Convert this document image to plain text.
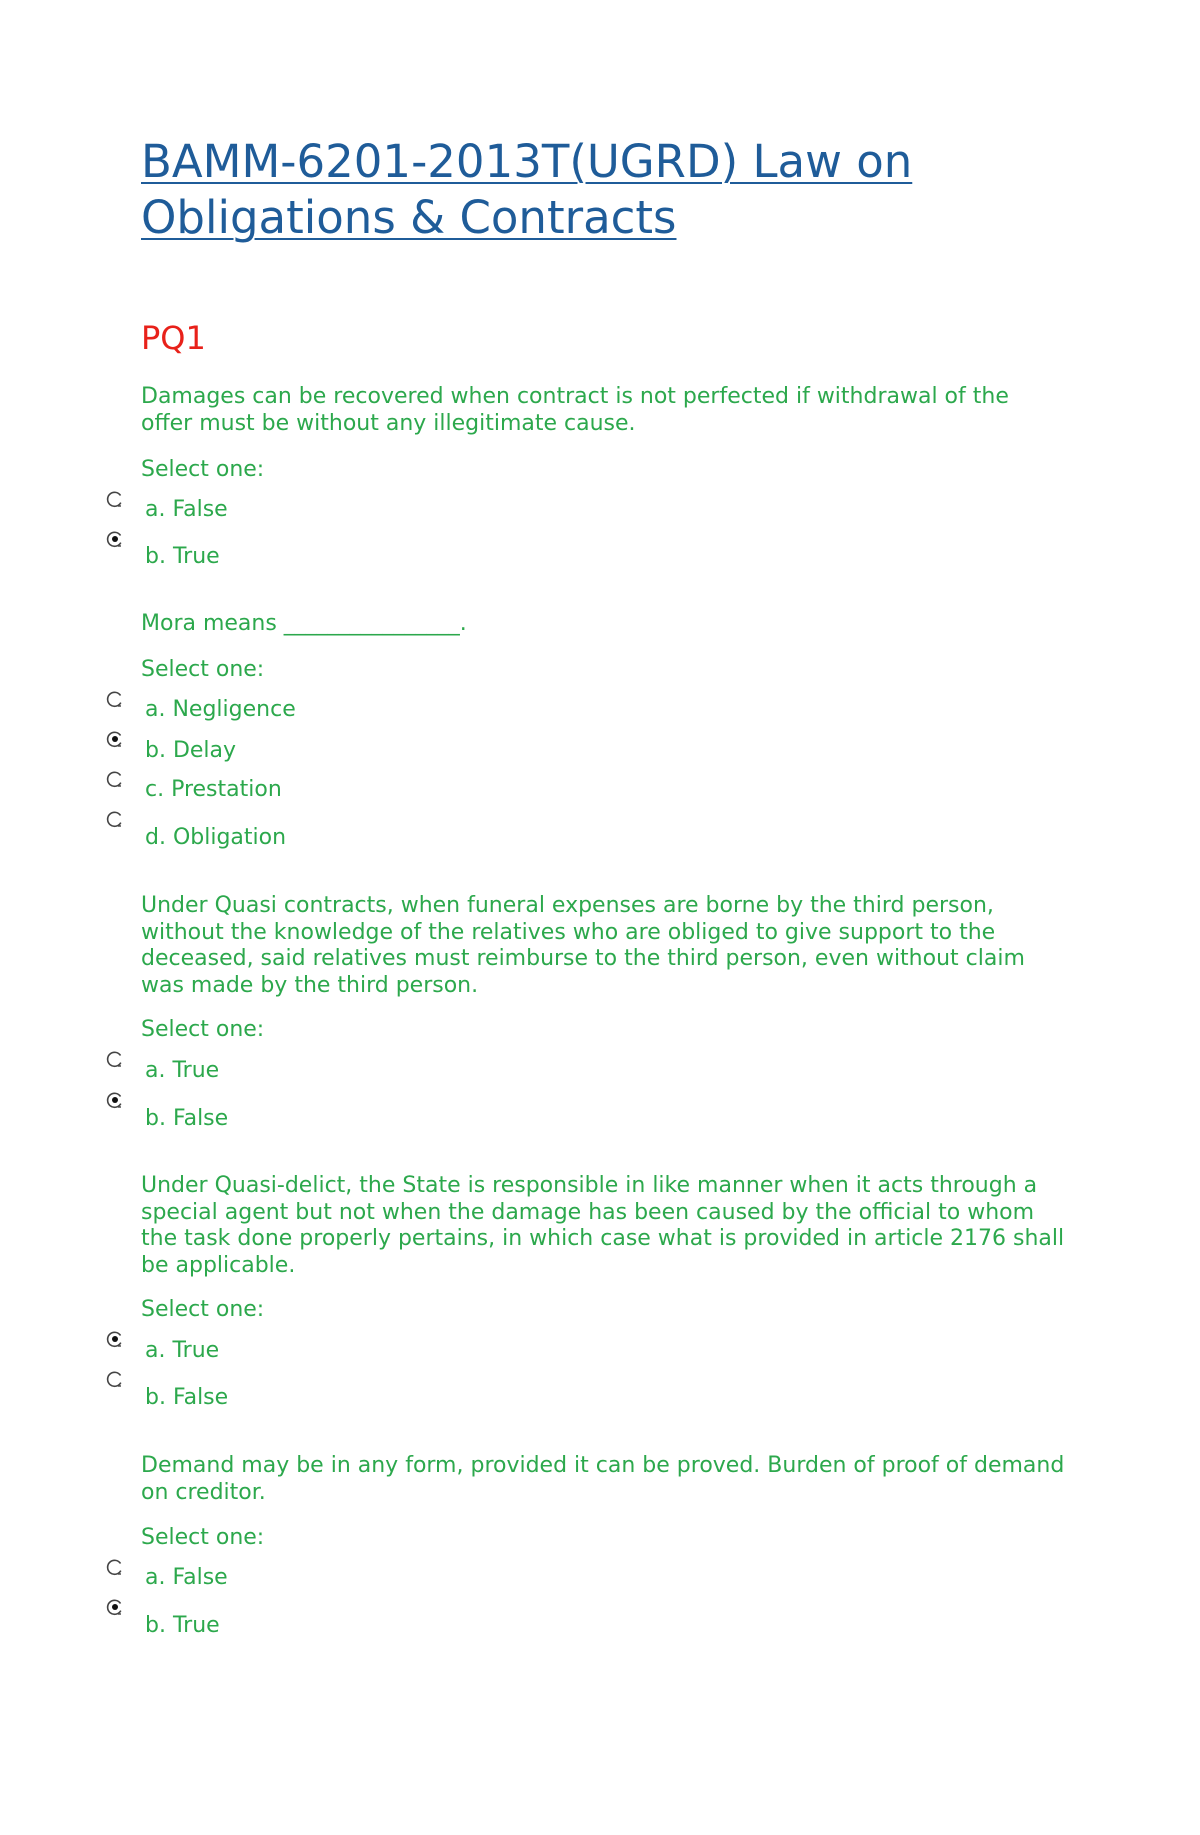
BAMM-6201-2013T(UGRD) Law on Obligations & Contracts
PQ1

Damages can be recovered when contract is not perfected if withdrawal of the offer must be without any illegitimate cause.

Select one:

a. False
b. True

Mora means ________________.

Select one:

a. Negligence
b. Delay
c. Prestation
d. Obligation

Under Quasi contracts, when funeral expenses are borne by the third person, without the knowledge of the relatives who are obliged to give support to the deceased, said relatives must reimburse to the third person, even without claim was made by the third person.

Select one:

a. True
b. False

Under Quasi-delict, the State is responsible in like manner when it acts through a special agent but not when the damage has been caused by the official to whom the task done properly pertains, in which case what is provided in article 2176 shall be applicable.

Select one:

a. True
b. False

Demand may be in any form, provided it can be proved. Burden of proof of demand on creditor.

Select one:

a. False
b. True
